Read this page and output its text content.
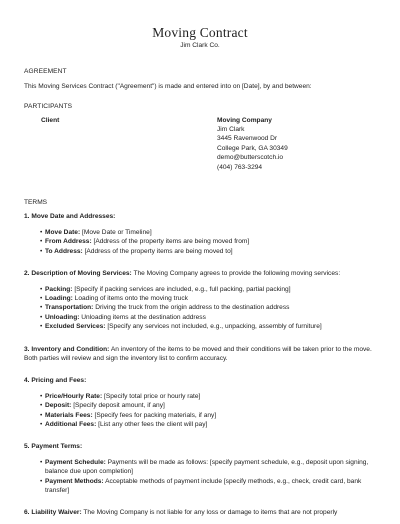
Moving Contract
Jim Clark Co.
AGREEMENT
This Moving Services Contract ("Agreement") is made and entered into on [Date], by and between:
PARTICIPANTS
Client	Moving Company
Jim Clark
3445 Ravenwood Dr
College Park, GA 30349
demo@butterscotch.io
(404) 763-3294
TERMS
1. Move Date and Addresses:
• Move Date: [Move Date or Timeline]
• From Address: [Address of the property items are being moved from]
• To Address: [Address of the property items are being moved to]
2. Description of Moving Services: The Moving Company agrees to provide the following moving services:
• Packing: [Specify if packing services are included, e.g., full packing, partial packing]
• Loading: Loading of items onto the moving truck
• Transportation: Driving the truck from the origin address to the destination address
• Unloading: Unloading items at the destination address
• Excluded Services: [Specify any services not included, e.g., unpacking, assembly of furniture]
3. Inventory and Condition: An inventory of the items to be moved and their conditions will be taken prior to the move. Both parties will review and sign the inventory list to confirm accuracy.
4. Pricing and Fees:
• Price/Hourly Rate: [Specify total price or hourly rate]
• Deposit: [Specify deposit amount, if any]
• Materials Fees: [Specify fees for packing materials, if any]
• Additional Fees: [List any other fees the client will pay]
5. Payment Terms:
• Payment Schedule: Payments will be made as follows: [specify payment schedule, e.g., deposit upon signing, balance due upon completion]
• Payment Methods: Acceptable methods of payment include [specify methods, e.g., check, credit card, bank transfer]
6. Liability Waiver: The Moving Company is not liable for any loss or damage to items that are not properly
